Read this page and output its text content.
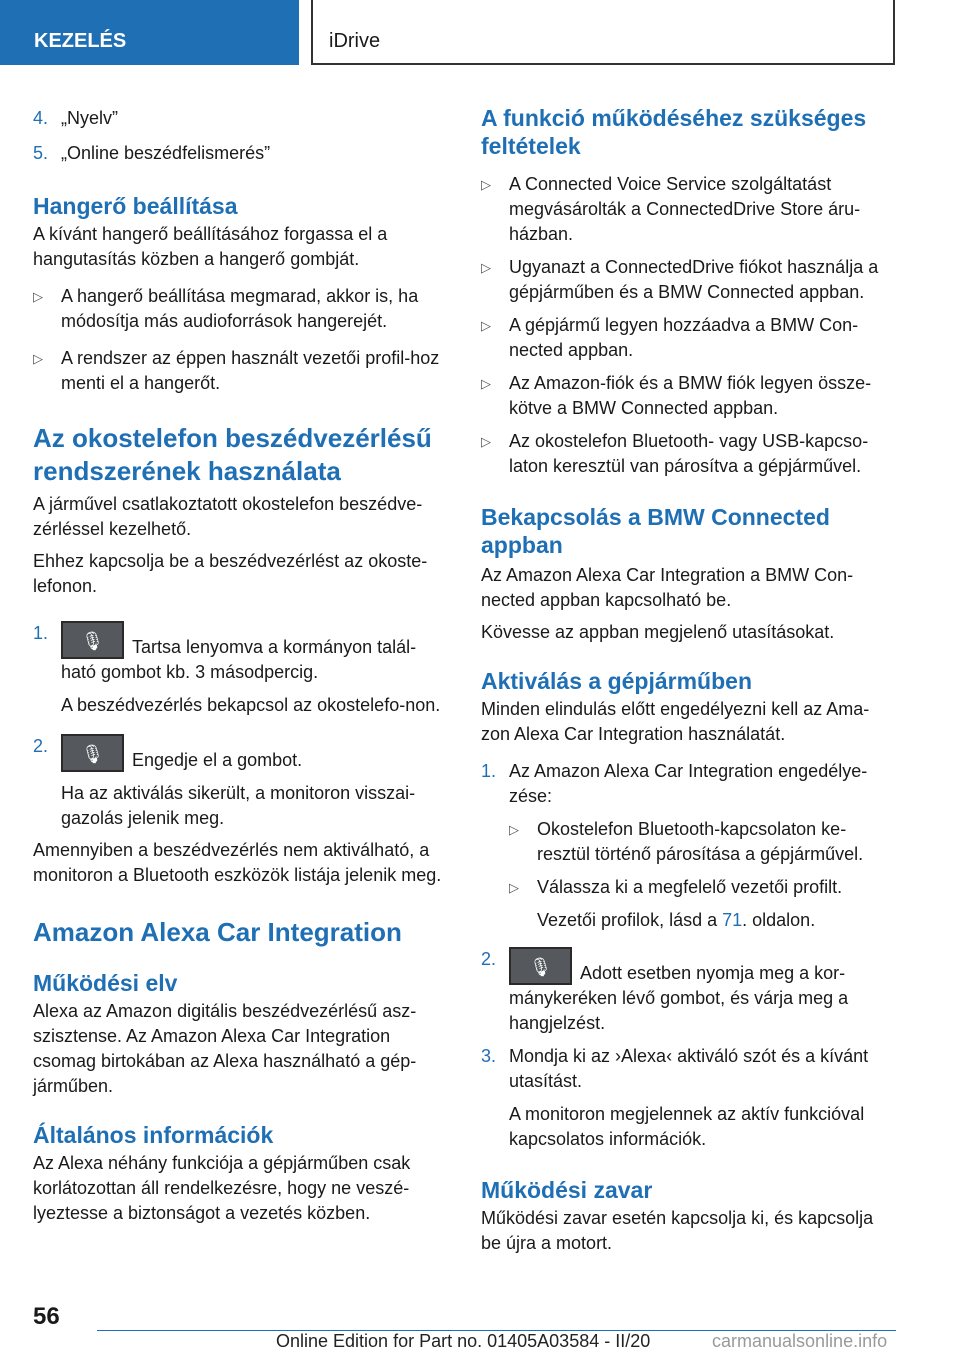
KEZELÉS	iDrive
4. „Nyelv”
5. „Online beszédfelismerés”
Hangerő beállítása
A kívánt hangerő beállításához forgassa el a hangutasítás közben a hangerő gombját.
▷ A hangerő beállítása megmarad, akkor is, ha módosítja más audioforrások hangerejét.
▷ A rendszer az éppen használt vezetői profil-hoz menti el a hangerőt.
Az okostelefon beszédvezérlésű rendszerének használata
A járművel csatlakoztatott okostelefon beszédve-zérléssel kezelhető.
Ehhez kapcsolja be a beszédvezérlést az okoste-lefonon.
1.	🎙	Tartsa lenyomva a kormányon talál-ható gombot kb. 3 másodpercig.
A beszédvezérlés bekapcsol az okostelefo-non.
2.	🎙	Engedje el a gombot.
Ha az aktiválás sikerült, a monitoron visszai-gazolás jelenik meg.
Amennyiben a beszédvezérlés nem aktiválható, a monitoron a Bluetooth eszközök listája jelenik meg.
Amazon Alexa Car Integration
Működési elv
Alexa az Amazon digitális beszédvezérlésű asz-szisztense. Az Amazon Alexa Car Integration csomag birtokában az Alexa használható a gép-járműben.
Általános információk
Az Alexa néhány funkciója a gépjárműben csak korlátozottan áll rendelkezésre, hogy ne veszé-lyeztesse a biztonságot a vezetés közben.
A funkció működéséhez szükséges feltételek
▷ A Connected Voice Service szolgáltatást megvásárolták a ConnectedDrive Store áru-házban.
▷ Ugyanazt a ConnectedDrive fiókot használja a gépjárműben és a BMW Connected appban.
▷ A gépjármű legyen hozzáadva a BMW Con-nected appban.
▷ Az Amazon-fiók és a BMW fiók legyen össze-kötve a BMW Connected appban.
▷ Az okostelefon Bluetooth- vagy USB-kapcso-laton keresztül van párosítva a gépjárművel.
Bekapcsolás a BMW Connected appban
Az Amazon Alexa Car Integration a BMW Con-nected appban kapcsolható be.
Kövesse az appban megjelenő utasításokat.
Aktiválás a gépjárműben
Minden elindulás előtt engedélyezni kell az Ama-zon Alexa Car Integration használatát.
1. Az Amazon Alexa Car Integration engedélye-zése:
▷ Okostelefon Bluetooth-kapcsolaton ke-resztül történő párosítása a gépjárművel.
▷ Válassza ki a megfelelő vezetői profilt.
Vezetői profilok, lásd a 71. oldalon.
2.	🎙	Adott esetben nyomja meg a kor-mánykeréken lévő gombot, és várja meg a hangjelzést.
3. Mondja ki az ›Alexa‹ aktiváló szót és a kívánt utasítást.
A monitoron megjelennek az aktív funkcióval kapcsolatos információk.
Működési zavar
Működési zavar esetén kapcsolja ki, és kapcsolja be újra a motort.
56
Online Edition for Part no. 01405A03584 - II/20	carmanualsonline.info
